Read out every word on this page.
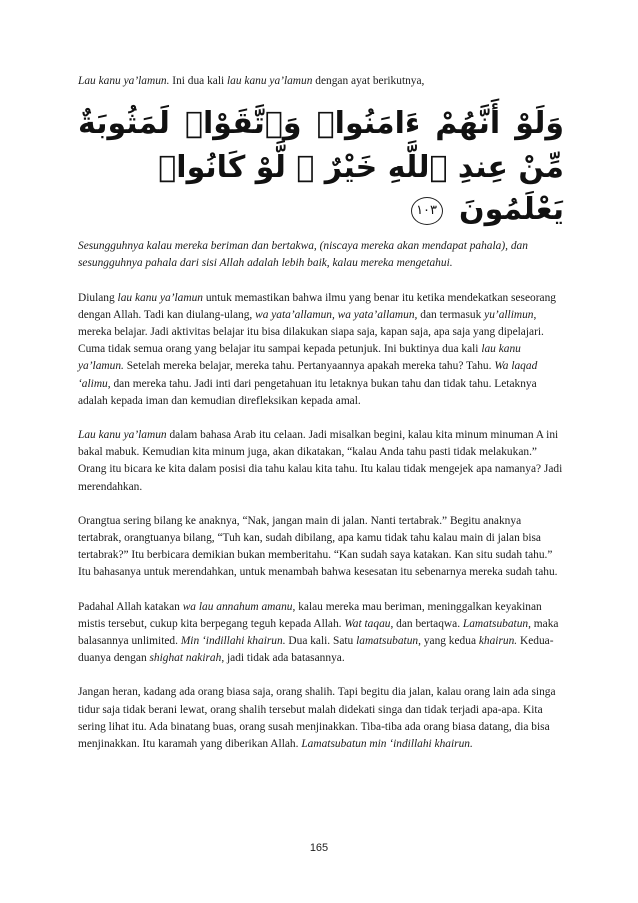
Lau kanu ya’lamun. Ini dua kali lau kanu ya’lamun dengan ayat berikutnya,

وَلَوْ أَنَّهُمْ ءَامَنُوا۟ وَٱتَّقَوْا۟ لَمَثُوبَةٌ مِّنْ عِندِ ٱللَّهِ خَيْرٌ ۖ لَّوْ كَانُوا۟
يَعْلَمُونَ ١٠٣

Sesungguhnya kalau mereka beriman dan bertakwa, (niscaya mereka akan mendapat pahala), dan sesungguhnya pahala dari sisi Allah adalah lebih baik, kalau mereka mengetahui.

Diulang lau kanu ya’lamun untuk memastikan bahwa ilmu yang benar itu ketika mendekatkan seseorang dengan Allah. Tadi kan diulang-ulang, wa yata’allamun, wa yata’allamun, dan termasuk yu’allimun, mereka belajar. Jadi aktivitas belajar itu bisa dilakukan siapa saja, kapan saja, apa saja yang dipelajari. Cuma tidak semua orang yang belajar itu sampai kepada petunjuk. Ini buktinya dua kali lau kanu ya’lamun. Setelah mereka belajar, mereka tahu. Pertanyaannya apakah mereka tahu? Tahu. Wa laqad ‘alimu, dan mereka tahu. Jadi inti dari pengetahuan itu letaknya bukan tahu dan tidak tahu. Letaknya adalah kepada iman dan kemudian direfleksikan kepada amal.

Lau kanu ya’lamun dalam bahasa Arab itu celaan. Jadi misalkan begini, kalau kita minum minuman A ini bakal mabuk. Kemudian kita minum juga, akan dikatakan, “kalau Anda tahu pasti tidak melakukan.” Orang itu bicara ke kita dalam posisi dia tahu kalau kita tahu. Itu kalau tidak mengejek apa namanya? Jadi merendahkan.

Orangtua sering bilang ke anaknya, “Nak, jangan main di jalan. Nanti tertabrak.” Begitu anaknya tertabrak, orangtuanya bilang, “Tuh kan, sudah dibilang, apa kamu tidak tahu kalau main di jalan bisa tertabrak?” Itu berbicara demikian bukan memberitahu. “Kan sudah saya katakan. Kan situ sudah tahu.” Itu bahasanya untuk merendahkan, untuk menambah bahwa kesesatan itu sebenarnya mereka sudah tahu.

Padahal Allah katakan wa lau annahum amanu, kalau mereka mau beriman, meninggalkan keyakinan mistis tersebut, cukup kita berpegang teguh kepada Allah. Wat taqau, dan bertaqwa. Lamatsubatun, maka balasannya unlimited. Min ‘indillahi khairun. Dua kali. Satu lamatsubatun, yang kedua khairun. Kedua-duanya dengan shighat nakirah, jadi tidak ada batasannya.

Jangan heran, kadang ada orang biasa saja, orang shalih. Tapi begitu dia jalan, kalau orang lain ada singa tidur saja tidak berani lewat, orang shalih tersebut malah didekati singa dan tidak terjadi apa-apa. Kita sering lihat itu. Ada binatang buas, orang susah menjinakkan. Tiba-tiba ada orang biasa datang, dia bisa menjinakkan. Itu karamah yang diberikan Allah. Lamatsubatun min ‘indillahi khairun.

165
